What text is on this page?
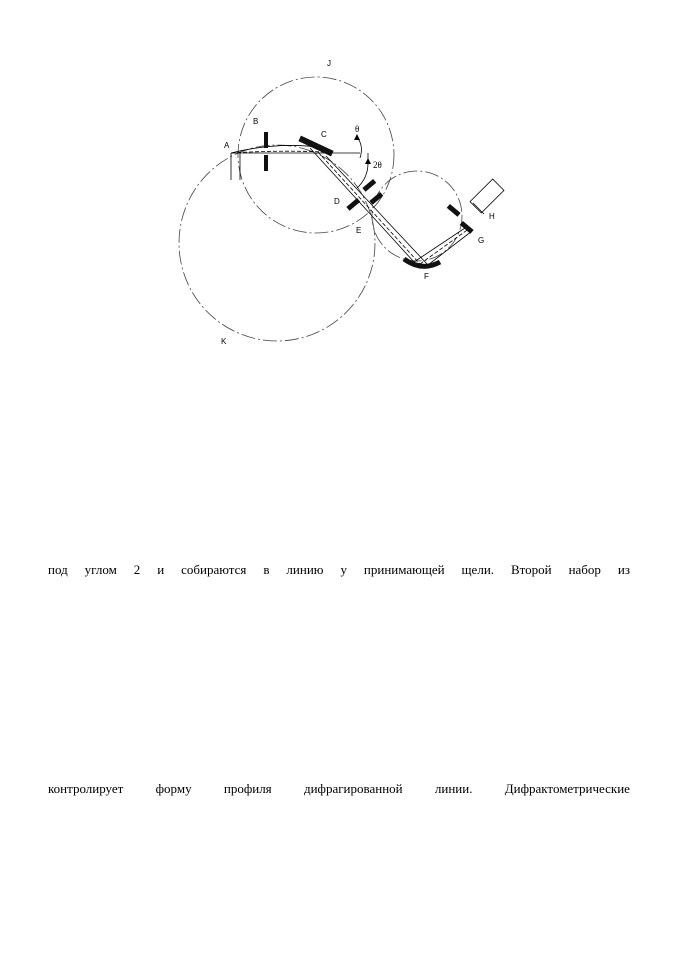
A
B
C
D
E
F
G
H
J
K
θ
2θ
под углом 2 и собираются в линию у принимающей щели. Второй набор из
контролирует форму профиля дифрагированной линии. Дифрактометрические
